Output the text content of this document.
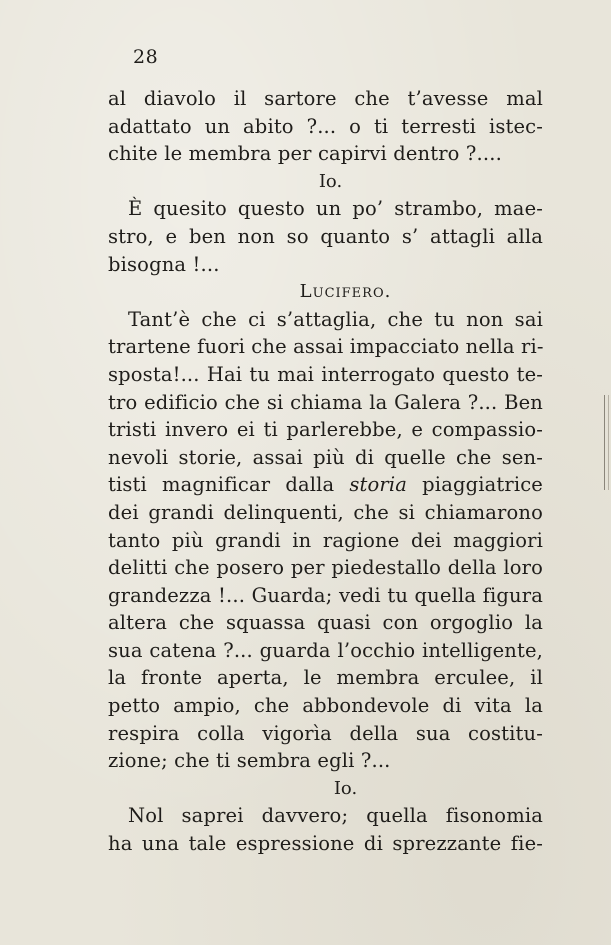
28
al diavolo il sartore che t’avesse mal
adattato un abito ?... o ti terresti istec-
chite le membra per capirvi dentro ?....
Io.
È quesito questo un po’ strambo, mae-
stro, e ben non so quanto s’ attagli alla
bisogna !...
Lucifero.
Tant’è che ci s’attaglia, che tu non sai
trartene fuori che assai impacciato nella ri-
sposta!... Hai tu mai interrogato questo te-
tro edificio che si chiama la Galera ?... Ben
tristi invero ei ti parlerebbe, e compassio-
nevoli storie, assai più di quelle che sen-
tisti magnificar dalla storia piaggiatrice
dei grandi delinquenti, che si chiamarono
tanto più grandi in ragione dei maggiori
delitti che posero per piedestallo della loro
grandezza !... Guarda; vedi tu quella figura
altera che squassa quasi con orgoglio la
sua catena ?... guarda l’occhio intelligente,
la fronte aperta, le membra erculee, il
petto ampio, che abbondevole di vita la
respira colla vigorìa della sua costitu-
zione; che ti sembra egli ?...
Io.
Nol saprei davvero; quella fisonomia
ha una tale espressione di sprezzante fie-
